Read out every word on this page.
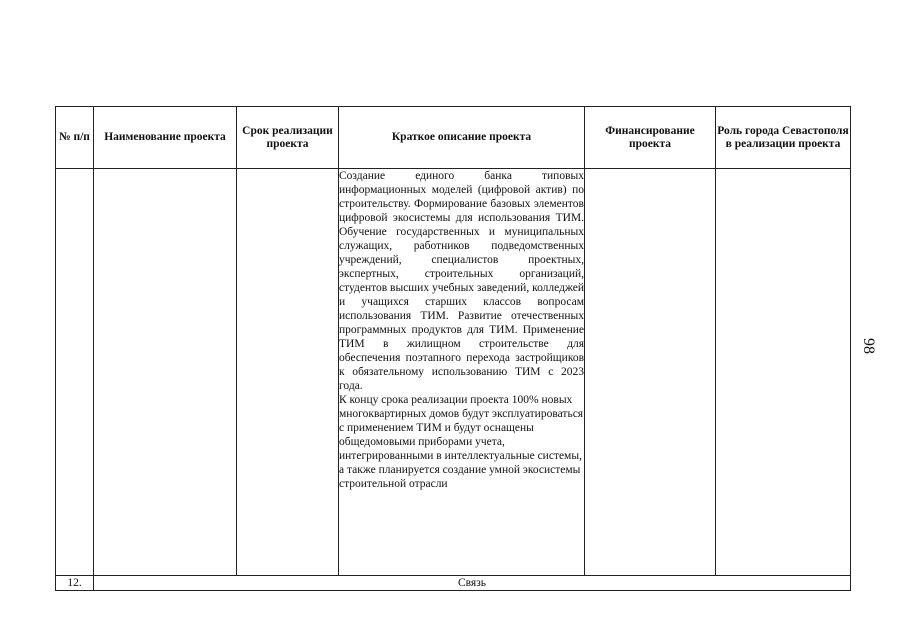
98
№ п/п	Наименование проекта	Срок реализации проекта	Краткое описание проекта	Финансирование проекта	Роль города Севастополя в реализации проекта

			Создание единого банка типовых информационных моделей (цифровой актив) по строительству. Формирование базовых элементов цифровой экосистемы для использования ТИМ. Обучение государственных и муниципальных служащих, работников подведомственных учреждений, специалистов проектных, экспертных, строительных организаций, студентов высших учебных заведений, колледжей и учащихся старших классов вопросам использования ТИМ. Развитие отечественных программных продуктов для ТИМ. Применение ТИМ в жилищном строительстве для обеспечения поэтапного перехода застройщиков к обязательному использованию ТИМ с 2023 года.

К концу срока реализации проекта 100% новых многоквартирных домов будут эксплуатироваться с применением ТИМ и будут оснащены общедомовыми приборами учета, интегрированными в интеллектуальные системы, а также планируется создание умной экосистемы строительной отрасли		

12.	Связь				
